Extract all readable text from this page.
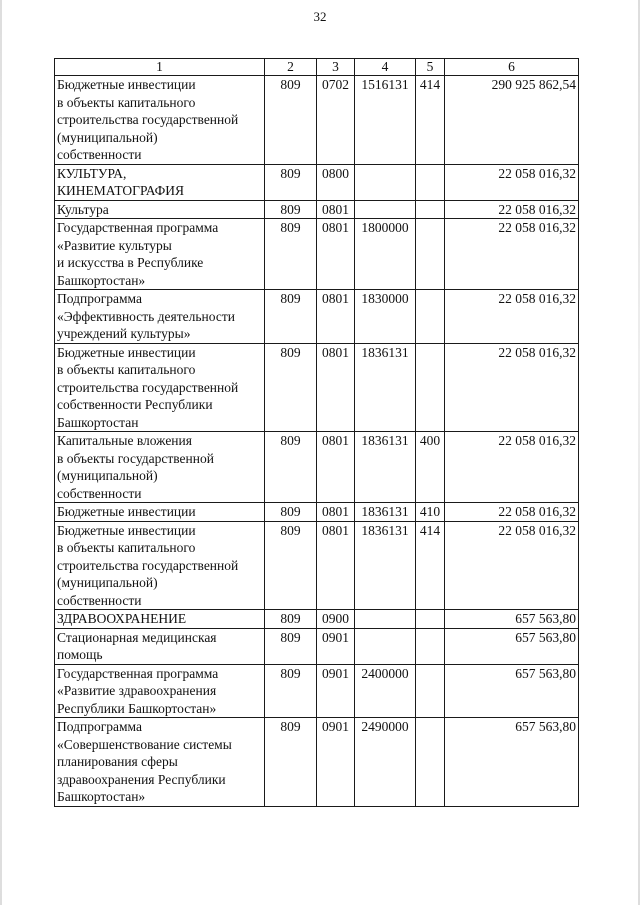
32
1	2	3	4	5	6
Бюджетные инвестиции
в объекты капитального
строительства государственной
(муниципальной)
собственности	809	0702	1516131	414	290 925 862,54
КУЛЬТУРА,
КИНЕМАТОГРАФИЯ	809	0800			22 058 016,32
Культура	809	0801			22 058 016,32
Государственная программа
«Развитие культуры
и искусства в Республике
Башкортостан»	809	0801	1800000		22 058 016,32
Подпрограмма
«Эффективность деятельности
учреждений культуры»	809	0801	1830000		22 058 016,32
Бюджетные инвестиции
в объекты капитального
строительства государственной
собственности Республики
Башкортостан	809	0801	1836131		22 058 016,32
Капитальные вложения
в объекты государственной
(муниципальной)
собственности	809	0801	1836131	400	22 058 016,32
Бюджетные инвестиции	809	0801	1836131	410	22 058 016,32
Бюджетные инвестиции
в объекты капитального
строительства государственной
(муниципальной)
собственности	809	0801	1836131	414	22 058 016,32
ЗДРАВООХРАНЕНИЕ	809	0900			657 563,80
Стационарная медицинская
помощь	809	0901			657 563,80
Государственная программа
«Развитие здравоохранения
Республики Башкортостан»	809	0901	2400000		657 563,80
Подпрограмма
«Совершенствование системы
планирования сферы
здравоохранения Республики
Башкортостан»	809	0901	2490000		657 563,80
